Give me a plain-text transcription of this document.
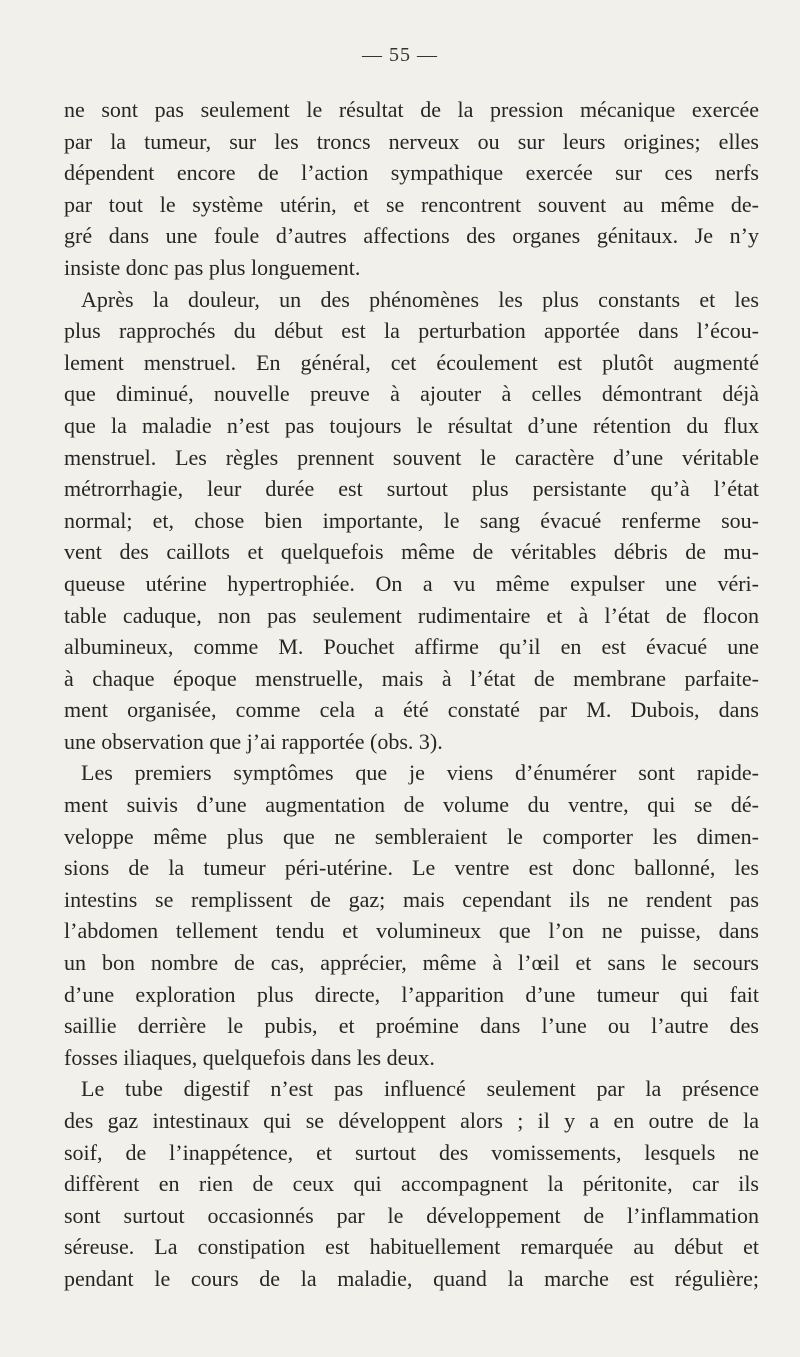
— 55 —
ne sont pas seulement le résultat de la pression mécanique exercée
par la tumeur, sur les troncs nerveux ou sur leurs origines; elles
dépendent encore de l’action sympathique exercée sur ces nerfs
par tout le système utérin, et se rencontrent souvent au même de-
gré dans une foule d’autres affections des organes génitaux. Je n’y
insiste donc pas plus longuement.
Après la douleur, un des phénomènes les plus constants et les
plus rapprochés du début est la perturbation apportée dans l’écou-
lement menstruel. En général, cet écoulement est plutôt augmenté
que diminué, nouvelle preuve à ajouter à celles démontrant déjà
que la maladie n’est pas toujours le résultat d’une rétention du flux
menstruel. Les règles prennent souvent le caractère d’une véritable
métrorrhagie, leur durée est surtout plus persistante qu’à l’état
normal; et, chose bien importante, le sang évacué renferme sou-
vent des caillots et quelquefois même de véritables débris de mu-
queuse utérine hypertrophiée. On a vu même expulser une véri-
table caduque, non pas seulement rudimentaire et à l’état de flocon
albumineux, comme M. Pouchet affirme qu’il en est évacué une
à chaque époque menstruelle, mais à l’état de membrane parfaite-
ment organisée, comme cela a été constaté par M. Dubois, dans
une observation que j’ai rapportée (obs. 3).
Les premiers symptômes que je viens d’énumérer sont rapide-
ment suivis d’une augmentation de volume du ventre, qui se dé-
veloppe même plus que ne sembleraient le comporter les dimen-
sions de la tumeur péri-utérine. Le ventre est donc ballonné, les
intestins se remplissent de gaz; mais cependant ils ne rendent pas
l’abdomen tellement tendu et volumineux que l’on ne puisse, dans
un bon nombre de cas, apprécier, même à l’œil et sans le secours
d’une exploration plus directe, l’apparition d’une tumeur qui fait
saillie derrière le pubis, et proémine dans l’une ou l’autre des
fosses iliaques, quelquefois dans les deux.
Le tube digestif n’est pas influencé seulement par la présence
des gaz intestinaux qui se développent alors ; il y a en outre de la
soif, de l’inappétence, et surtout des vomissements, lesquels ne
diffèrent en rien de ceux qui accompagnent la péritonite, car ils
sont surtout occasionnés par le développement de l’inflammation
séreuse. La constipation est habituellement remarquée au début et
pendant le cours de la maladie, quand la marche est régulière;
